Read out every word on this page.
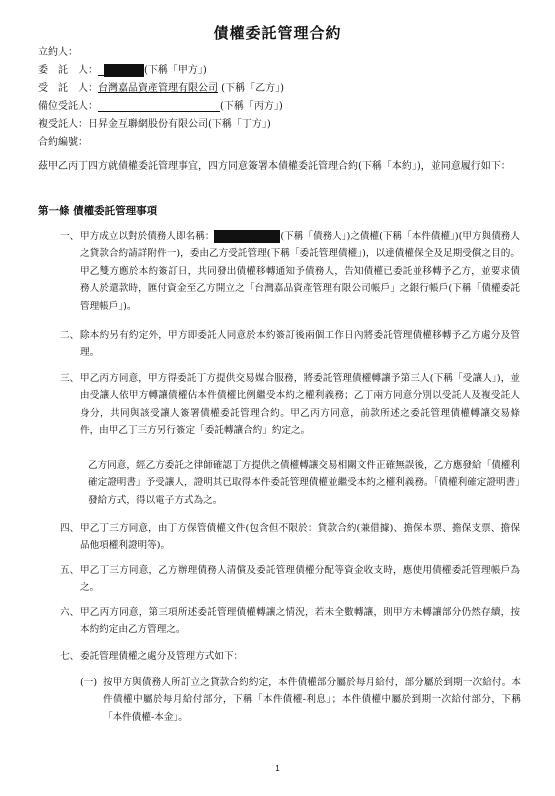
債權委託管理合約
立約人：
委　託　人：	(下稱「甲方」)
受　託　人：台灣嘉品資產管理有限公司 (下稱「乙方」)
備位受託人：	(下稱「丙方」)
複受託人：日昇金互聯網股份有限公司(下稱「丁方」)
合約編號：
茲甲乙丙丁四方就債權委託管理事宜，四方同意簽署本債權委託管理合約(下稱「本約」)，並同意履行如下：
第一條 債權委託管理事項
一、 甲方成立以對於債務人即名稱：	(下稱「債務人」)之債權(下稱「本件債權」)(甲方與債務人之貸款合約請詳附件一)，委由乙方受託管理(下稱「委託管理債權」)，以達債權保全及足期受償之目的。甲乙雙方應於本約簽訂日，共同發出債權移轉通知予債務人，告知債權已委託並移轉予乙方，並要求債務人於還款時，匯付資金至乙方開立之「台灣嘉品資產管理有限公司帳戶」之銀行帳戶(下稱「債權委託管理帳戶」)。
二、 除本約另有約定外，甲方即委託人同意於本約簽訂後兩個工作日內將委託管理債權移轉予乙方處分及管理。
三、 甲乙丙方同意，甲方得委託丁方提供交易媒合服務，將委託管理債權轉讓予第三人(下稱「受讓人」)，並由受讓人依甲方轉讓債權佔本件債權比例繼受本約之權利義務；乙丁兩方同意分別以受託人及複受託人身分，共同與該受讓人簽署債權委託管理合約。甲乙丙方同意，前款所述之委託管理債權轉讓交易條件，由甲乙丁三方另行簽定「委託轉讓合約」約定之。
乙方同意，經乙方委託之律師確認丁方提供之債權轉讓交易相關文件正確無誤後，乙方應發給「債權利確定證明書」予受讓人，證明其已取得本件委託管理債權並繼受本約之權利義務。「債權利確定證明書」發給方式，得以電子方式為之。
四、 甲乙丁三方同意，由丁方保管債權文件(包含但不限於：貸款合約(兼借據)、擔保本票、擔保支票、擔保品他項權利證明等)。
五、 甲乙丁三方同意，乙方辦理債務人清償及委託管理債權分配等資金收支時，應使用債權委託管理帳戶為之。
六、 甲乙丙方同意，第三項所述委託管理債權轉讓之情況，若未全數轉讓，則甲方未轉讓部分仍然存續，按本約約定由乙方管理之。
七、 委託管理債權之處分及管理方式如下：
(一) 按甲方與債務人所訂立之貸款合約約定，本件債權部分屬於每月給付，部分屬於到期一次給付。本件債權中屬於每月給付部分，下稱「本件債權-利息」；本件債權中屬於到期一次給付部分，下稱「本件債權-本金」。
1
